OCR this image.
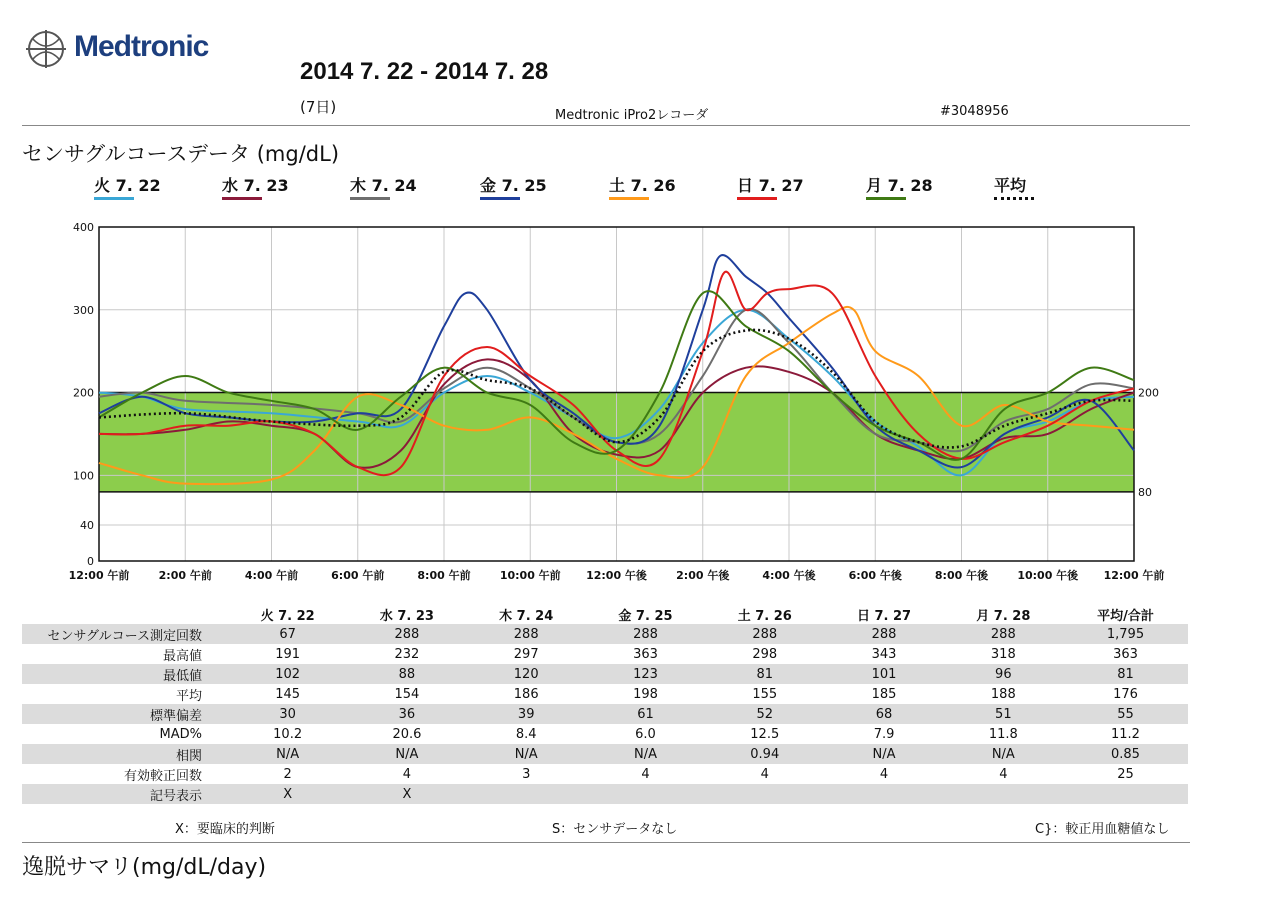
Medtronic
2014 7. 22 - 2014 7. 28
(7日)	Medtronic iPro2レコーダ	#3048956
センサグルコースデータ (mg/dL)
火 7. 22	水 7. 23	木 7. 24	金 7. 25	土 7. 26	日 7. 27	月 7. 28	平均
12:00 午前	2:00 午前	4:00 午前	6:00 午前	8:00 午前	10:00 午前 12:00 午後	2:00 午後	4:00 午後	6:00 午後	8:00 午後	10:00 午後 12:00 午前
0
40
100
200
300
400
200
80
	火 7. 22	水 7. 23	木 7. 24	金 7. 25	土 7. 26	日 7. 27	月 7. 28	平均/合計
センサグルコース測定回数	67	288	288	288	288	288	288	1,795
最高値	191	232	297	363	298	343	318	363
最低値	102	88	120	123	81	101	96	81
平均	145	154	186	198	155	185	188	176
標準偏差	30	36	39	61	52	68	51	55
MAD%	10.2	20.6	8.4	6.0	12.5	7.9	11.8	11.2
相関	N/A	N/A	N/A	N/A	0.94	N/A	N/A	0.85
有効較正回数	2	4	3	4	4	4	4	25
記号表示	X	X						
X：要臨床的判断	S：センサデータなし	C}：較正用血糖値なし
逸脱サマリ(mg/dL/day)
